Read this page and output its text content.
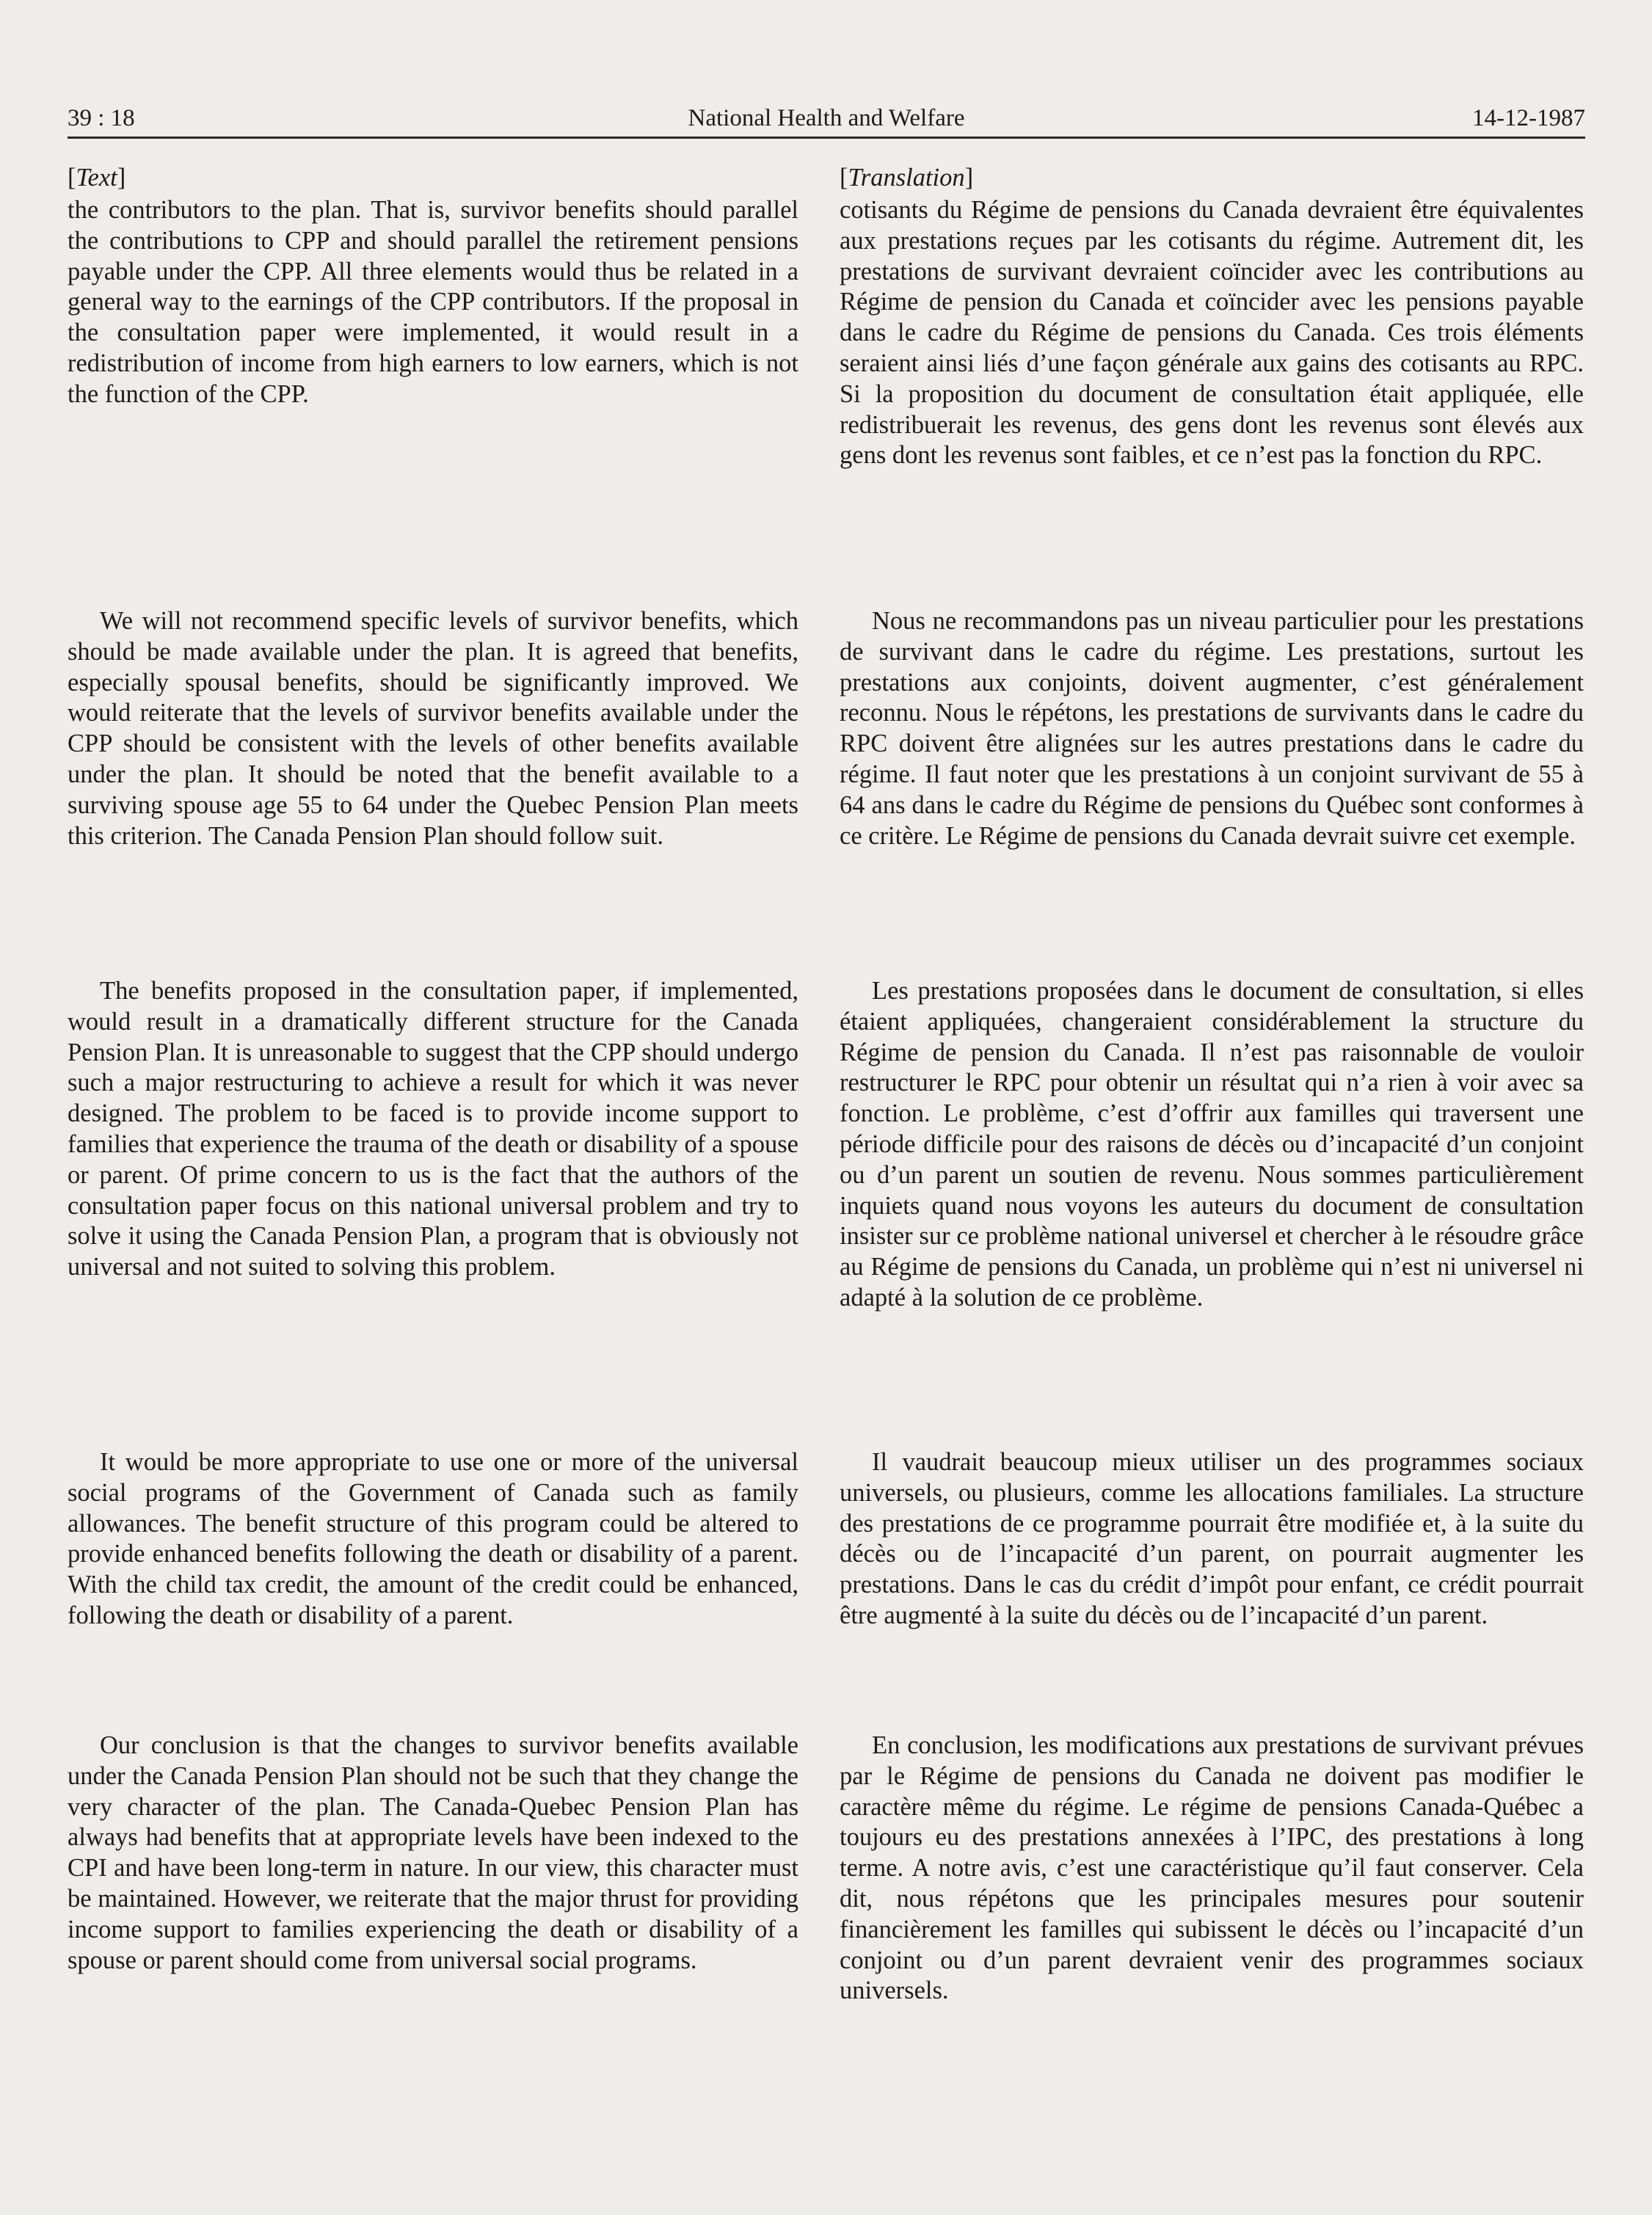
39 : 18	National Health and Welfare	14-12-1987
[Text]

the contributors to the plan. That is, survivor benefits should parallel the contributions to CPP and should parallel the retirement pensions payable under the CPP. All three elements would thus be related in a general way to the earnings of the CPP contributors. If the proposal in the consultation paper were implemented, it would result in a redistribution of income from high earners to low earners, which is not the function of the CPP.

We will not recommend specific levels of survivor benefits, which should be made available under the plan. It is agreed that benefits, especially spousal benefits, should be significantly improved. We would reiterate that the levels of survivor benefits available under the CPP should be consistent with the levels of other benefits available under the plan. It should be noted that the benefit available to a surviving spouse age 55 to 64 under the Quebec Pension Plan meets this criterion. The Canada Pension Plan should follow suit.

The benefits proposed in the consultation paper, if implemented, would result in a dramatically different structure for the Canada Pension Plan. It is unreasonable to suggest that the CPP should undergo such a major restructuring to achieve a result for which it was never designed. The problem to be faced is to provide income support to families that experience the trauma of the death or disability of a spouse or parent. Of prime concern to us is the fact that the authors of the consultation paper focus on this national universal problem and try to solve it using the Canada Pension Plan, a program that is obviously not universal and not suited to solving this problem.

It would be more appropriate to use one or more of the universal social programs of the Government of Canada such as family allowances. The benefit structure of this program could be altered to provide enhanced benefits following the death or disability of a parent. With the child tax credit, the amount of the credit could be enhanced, following the death or disability of a parent.

Our conclusion is that the changes to survivor benefits available under the Canada Pension Plan should not be such that they change the very character of the plan. The Canada-Quebec Pension Plan has always had benefits that at appropriate levels have been indexed to the CPI and have been long-term in nature. In our view, this character must be maintained. However, we reiterate that the major thrust for providing income support to families experiencing the death or disability of a spouse or parent should come from universal social programs.

[Translation]

cotisants du Régime de pensions du Canada devraient être équivalentes aux prestations reçues par les cotisants du régime. Autrement dit, les prestations de survivant devraient coïncider avec les contributions au Régime de pension du Canada et coïncider avec les pensions payable dans le cadre du Régime de pensions du Canada. Ces trois éléments seraient ainsi liés d’une façon générale aux gains des cotisants au RPC. Si la proposition du document de consultation était appliquée, elle redistribuerait les revenus, des gens dont les revenus sont élevés aux gens dont les revenus sont faibles, et ce n’est pas la fonction du RPC.

Nous ne recommandons pas un niveau particulier pour les prestations de survivant dans le cadre du régime. Les prestations, surtout les prestations aux conjoints, doivent augmenter, c’est généralement reconnu. Nous le répétons, les prestations de survivants dans le cadre du RPC doivent être alignées sur les autres prestations dans le cadre du régime. Il faut noter que les prestations à un conjoint survivant de 55 à 64 ans dans le cadre du Régime de pensions du Québec sont conformes à ce critère. Le Régime de pensions du Canada devrait suivre cet exemple.

Les prestations proposées dans le document de consultation, si elles étaient appliquées, changeraient considérablement la structure du Régime de pension du Canada. Il n’est pas raisonnable de vouloir restructurer le RPC pour obtenir un résultat qui n’a rien à voir avec sa fonction. Le problème, c’est d’offrir aux familles qui traversent une période difficile pour des raisons de décès ou d’incapacité d’un conjoint ou d’un parent un soutien de revenu. Nous sommes particulièrement inquiets quand nous voyons les auteurs du document de consultation insister sur ce problème national universel et chercher à le résoudre grâce au Régime de pensions du Canada, un problème qui n’est ni universel ni adapté à la solution de ce problème.

Il vaudrait beaucoup mieux utiliser un des programmes sociaux universels, ou plusieurs, comme les allocations familiales. La structure des prestations de ce programme pourrait être modifiée et, à la suite du décès ou de l’incapacité d’un parent, on pourrait augmenter les prestations. Dans le cas du crédit d’impôt pour enfant, ce crédit pourrait être augmenté à la suite du décès ou de l’incapacité d’un parent.

En conclusion, les modifications aux prestations de survivant prévues par le Régime de pensions du Canada ne doivent pas modifier le caractère même du régime. Le régime de pensions Canada-Québec a toujours eu des prestations annexées à l’IPC, des prestations à long terme. A notre avis, c’est une caractéristique qu’il faut conserver. Cela dit, nous répétons que les principales mesures pour soutenir financièrement les familles qui subissent le décès ou l’incapacité d’un conjoint ou d’un parent devraient venir des programmes sociaux universels.
